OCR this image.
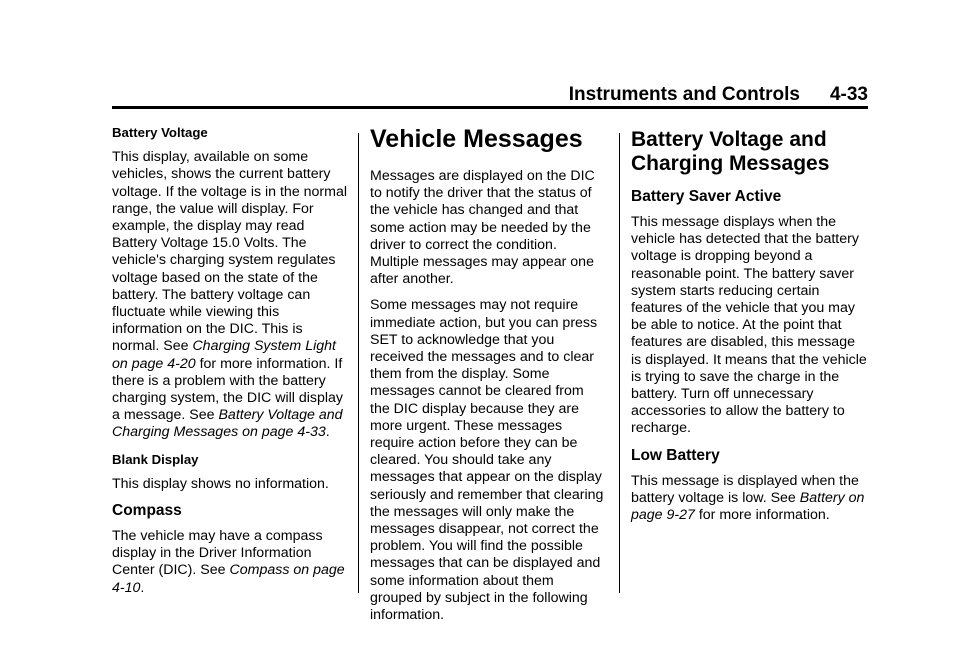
Instruments and Controls 4-33

Battery Voltage

This display, available on some vehicles, shows the current battery voltage. If the voltage is in the normal range, the value will display. For example, the display may read Battery Voltage 15.0 Volts. The vehicle's charging system regulates voltage based on the state of the battery. The battery voltage can fluctuate while viewing this information on the DIC. This is normal. See Charging System Light on page 4-20 for more information. If there is a problem with the battery charging system, the DIC will display a message. See Battery Voltage and Charging Messages on page 4-33.

Blank Display

This display shows no information.

Compass

The vehicle may have a compass display in the Driver Information Center (DIC). See Compass on page 4-10.

Vehicle Messages

Messages are displayed on the DIC to notify the driver that the status of the vehicle has changed and that some action may be needed by the driver to correct the condition. Multiple messages may appear one after another.

Some messages may not require immediate action, but you can press SET to acknowledge that you received the messages and to clear them from the display. Some messages cannot be cleared from the DIC display because they are more urgent. These messages require action before they can be cleared. You should take any messages that appear on the display seriously and remember that clearing the messages will only make the messages disappear, not correct the problem. You will find the possible messages that can be displayed and some information about them grouped by subject in the following information.

Battery Voltage and Charging Messages
Battery Saver Active

This message displays when the vehicle has detected that the battery voltage is dropping beyond a reasonable point. The battery saver system starts reducing certain features of the vehicle that you may be able to notice. At the point that features are disabled, this message is displayed. It means that the vehicle is trying to save the charge in the battery. Turn off unnecessary accessories to allow the battery to recharge.

Low Battery

This message is displayed when the battery voltage is low. See Battery on page 9-27 for more information.
